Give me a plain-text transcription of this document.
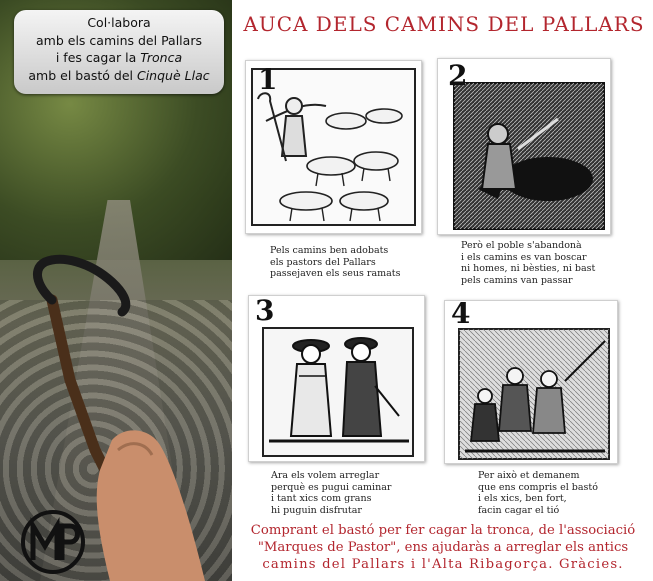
Col·labora
amb els camins del Pallars
i fes cagar la Tronca
amb el bastó del Cinquè Llac
AUCA DELS CAMINS DEL PALLARS
1
Pels camins ben adobats
els pastors del Pallars
passejaven els seus ramats
2
Però el poble s'abandonà
i els camins es van boscar
ni homes, ni bèsties, ni bast
pels camins van passar
3
Ara els volem arreglar
perquè es pugui caminar
i tant xics com grans
hi puguin disfrutar
4
Per això et demanem
que ens compris el bastó
i els xics, ben fort,
facin cagar el tió
Comprant el bastó per fer cagar la tronca, de l'associació
"Marques de Pastor", ens ajudaràs a arreglar els antics
camins del Pallars i l'Alta Ribagorça. Gràcies.
